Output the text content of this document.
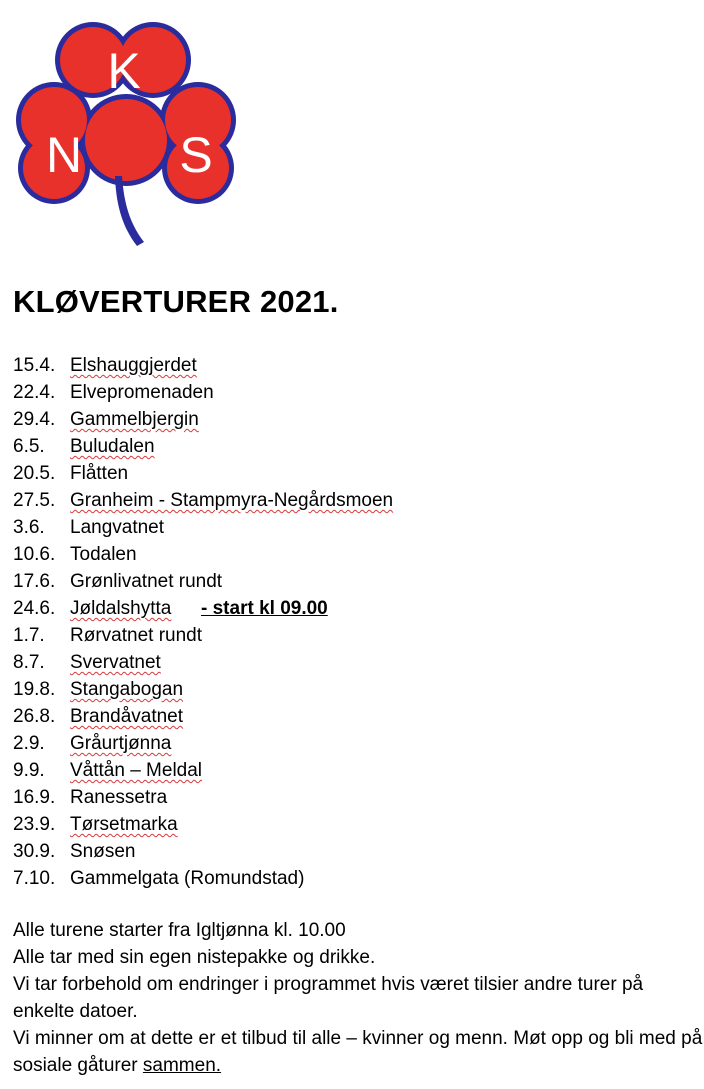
K
N S
KLØVERTURER 2021.
15.4. Elshauggjerdet
22.4. Elvepromenaden
29.4. Gammelbjergin
6.5. Buludalen
20.5. Flåtten
27.5. Granheim - Stampmyra-Negårdsmoen
3.6. Langvatnet
10.6. Todalen
17.6. Grønlivatnet rundt
24.6. Jøldalshytta - start kl 09.00
1.7. Rørvatnet rundt
8.7. Svervatnet
19.8. Stangabogan
26.8. Brandåvatnet
2.9. Gråurtjønna
9.9. Våttån – Meldal
16.9. Ranessetra
23.9. Tørsetmarka
30.9. Snøsen
7.10. Gammelgata (Romundstad)

Alle turene starter fra Igltjønna kl. 10.00

Alle tar med sin egen nistepakke og drikke.

Vi tar forbehold om endringer i programmet hvis været tilsier andre turer på enkelte datoer.

Vi minner om at dette er et tilbud til alle – kvinner og menn. Møt opp og bli med på sosiale gåturer sammen.
